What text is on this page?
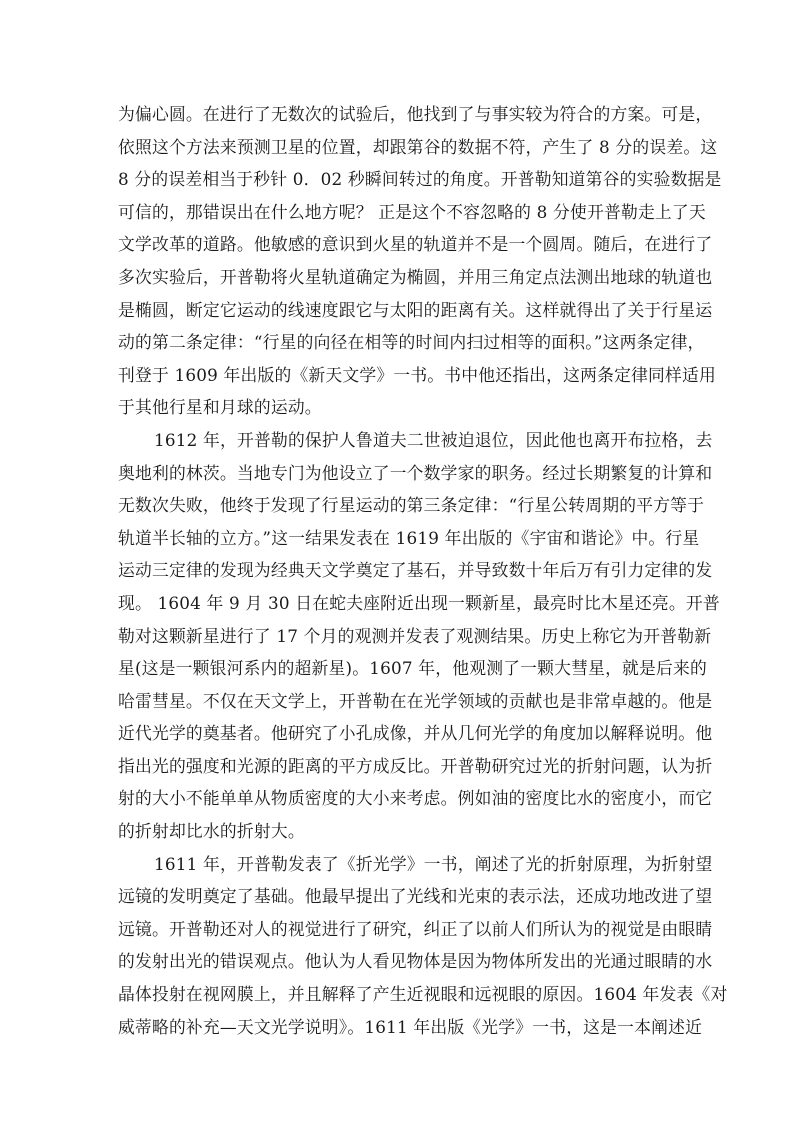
为偏心圆。在进行了无数次的试验后，他找到了与事实较为符合的方案。可是，
依照这个方法来预测卫星的位置，却跟第谷的数据不符，产生了 8 分的误差。这
8 分的误差相当于秒针 0．02 秒瞬间转过的角度。开普勒知道第谷的实验数据是
可信的，那错误出在什么地方呢？ 正是这个不容忽略的 8 分使开普勒走上了天
文学改革的道路。他敏感的意识到火星的轨道并不是一个圆周。随后，在进行了
多次实验后，开普勒将火星轨道确定为椭圆，并用三角定点法测出地球的轨道也
是椭圆，断定它运动的线速度跟它与太阳的距离有关。这样就得出了关于行星运
动的第二条定律：“行星的向径在相等的时间内扫过相等的面积。”这两条定律，
刊登于 1609 年出版的《新天文学》一书。书中他还指出，这两条定律同样适用
于其他行星和月球的运动。
1612 年，开普勒的保护人鲁道夫二世被迫退位，因此他也离开布拉格，去
奥地利的林茨。当地专门为他设立了一个数学家的职务。经过长期繁复的计算和
无数次失败，他终于发现了行星运动的第三条定律：“行星公转周期的平方等于
轨道半长轴的立方。”这一结果发表在 1619 年出版的《宇宙和谐论》中。行星
运动三定律的发现为经典天文学奠定了基石，并导致数十年后万有引力定律的发
现。 1604 年 9 月 30 日在蛇夫座附近出现一颗新星，最亮时比木星还亮。开普
勒对这颗新星进行了 17 个月的观测并发表了观测结果。历史上称它为开普勒新
星(这是一颗银河系内的超新星)。1607 年，他观测了一颗大彗星，就是后来的
哈雷彗星。不仅在天文学上，开普勒在在光学领域的贡献也是非常卓越的。他是
近代光学的奠基者。他研究了小孔成像，并从几何光学的角度加以解释说明。他
指出光的强度和光源的距离的平方成反比。开普勒研究过光的折射问题，认为折
射的大小不能单单从物质密度的大小来考虑。例如油的密度比水的密度小，而它
的折射却比水的折射大。
1611 年，开普勒发表了《折光学》一书，阐述了光的折射原理，为折射望
远镜的发明奠定了基础。他最早提出了光线和光束的表示法，还成功地改进了望
远镜。开普勒还对人的视觉进行了研究，纠正了以前人们所认为的视觉是由眼睛
的发射出光的错误观点。他认为人看见物体是因为物体所发出的光通过眼睛的水
晶体投射在视网膜上，并且解释了产生近视眼和远视眼的原因。1604 年发表《对
威蒂略的补充—天文光学说明》。1611 年出版《光学》一书，这是一本阐述近
